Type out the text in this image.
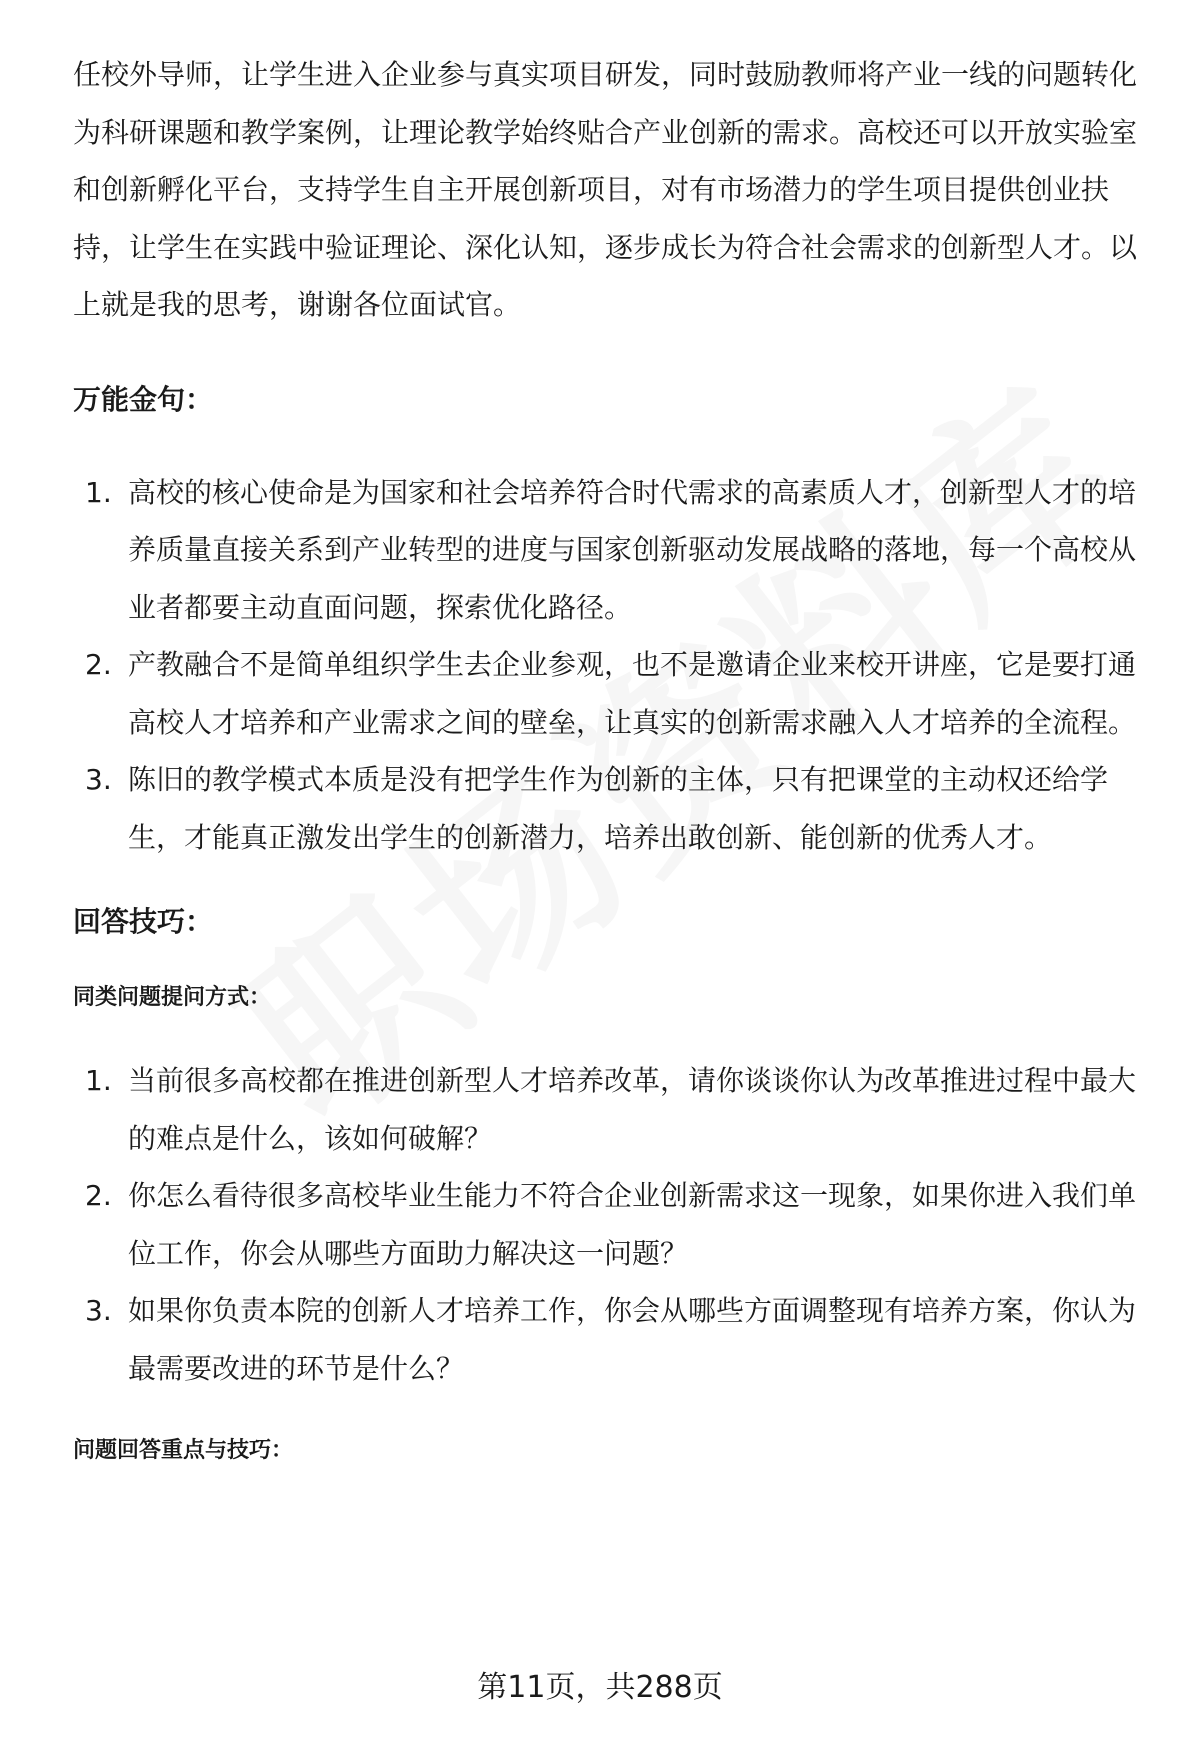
任校外导师，让学生进入企业参与真实项目研发，同时鼓励教师将产业一线的问题转化为科研课题和教学案例，让理论教学始终贴合产业创新的需求。高校还可以开放实验室和创新孵化平台，支持学生自主开展创新项目，对有市场潜力的学生项目提供创业扶持，让学生在实践中验证理论、深化认知，逐步成长为符合社会需求的创新型人才。以上就是我的思考，谢谢各位面试官。

万能金句：
1. 高校的核心使命是为国家和社会培养符合时代需求的高素质人才，创新型人才的培养质量直接关系到产业转型的进度与国家创新驱动发展战略的落地，每一个高校从业者都要主动直面问题，探索优化路径。
2. 产教融合不是简单组织学生去企业参观，也不是邀请企业来校开讲座，它是要打通高校人才培养和产业需求之间的壁垒，让真实的创新需求融入人才培养的全流程。
3. 陈旧的教学模式本质是没有把学生作为创新的主体，只有把课堂的主动权还给学生，才能真正激发出学生的创新潜力，培养出敢创新、能创新的优秀人才。
回答技巧：
同类问题提问方式：
1. 当前很多高校都在推进创新型人才培养改革，请你谈谈你认为改革推进过程中最大的难点是什么，该如何破解？
2. 你怎么看待很多高校毕业生能力不符合企业创新需求这一现象，如果你进入我们单位工作，你会从哪些方面助力解决这一问题？
3. 如果你负责本院的创新人才培养工作，你会从哪些方面调整现有培养方案，你认为最需要改进的环节是什么？
问题回答重点与技巧：
第11页，共288页
